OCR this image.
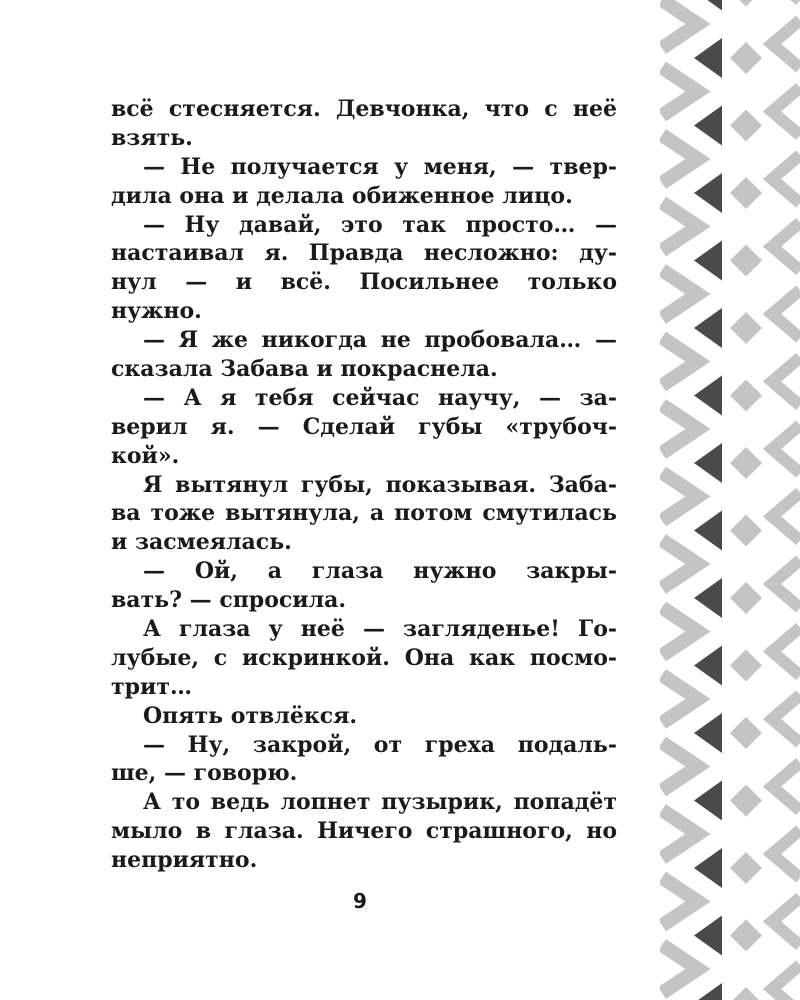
всё стесняется. Девчонка, что с неё
взять.
— Не получается у меня, — твер-
дила она и делала обиженное лицо.
— Ну давай, это так просто… —
настаивал я. Правда несложно: ду-
нул — и всё. Посильнее только
нужно.
— Я же никогда не пробовала… —
сказала Забава и покраснела.
— А я тебя сейчас научу, — за-
верил я. — Сделай губы «трубоч-
кой».
Я вытянул губы, показывая. Заба-
ва тоже вытянула, а потом смутилась
и засмеялась.
— Ой, а глаза нужно закры-
вать? — спросила.
А глаза у неё — загляденье! Го-
лубые, с искринкой. Она как посмо-
трит…
Опять отвлёкся.
— Ну, закрой, от греха подаль-
ше, — говорю.
А то ведь лопнет пузырик, попадёт
мыло в глаза. Ничего страшного, но
неприятно.
9
